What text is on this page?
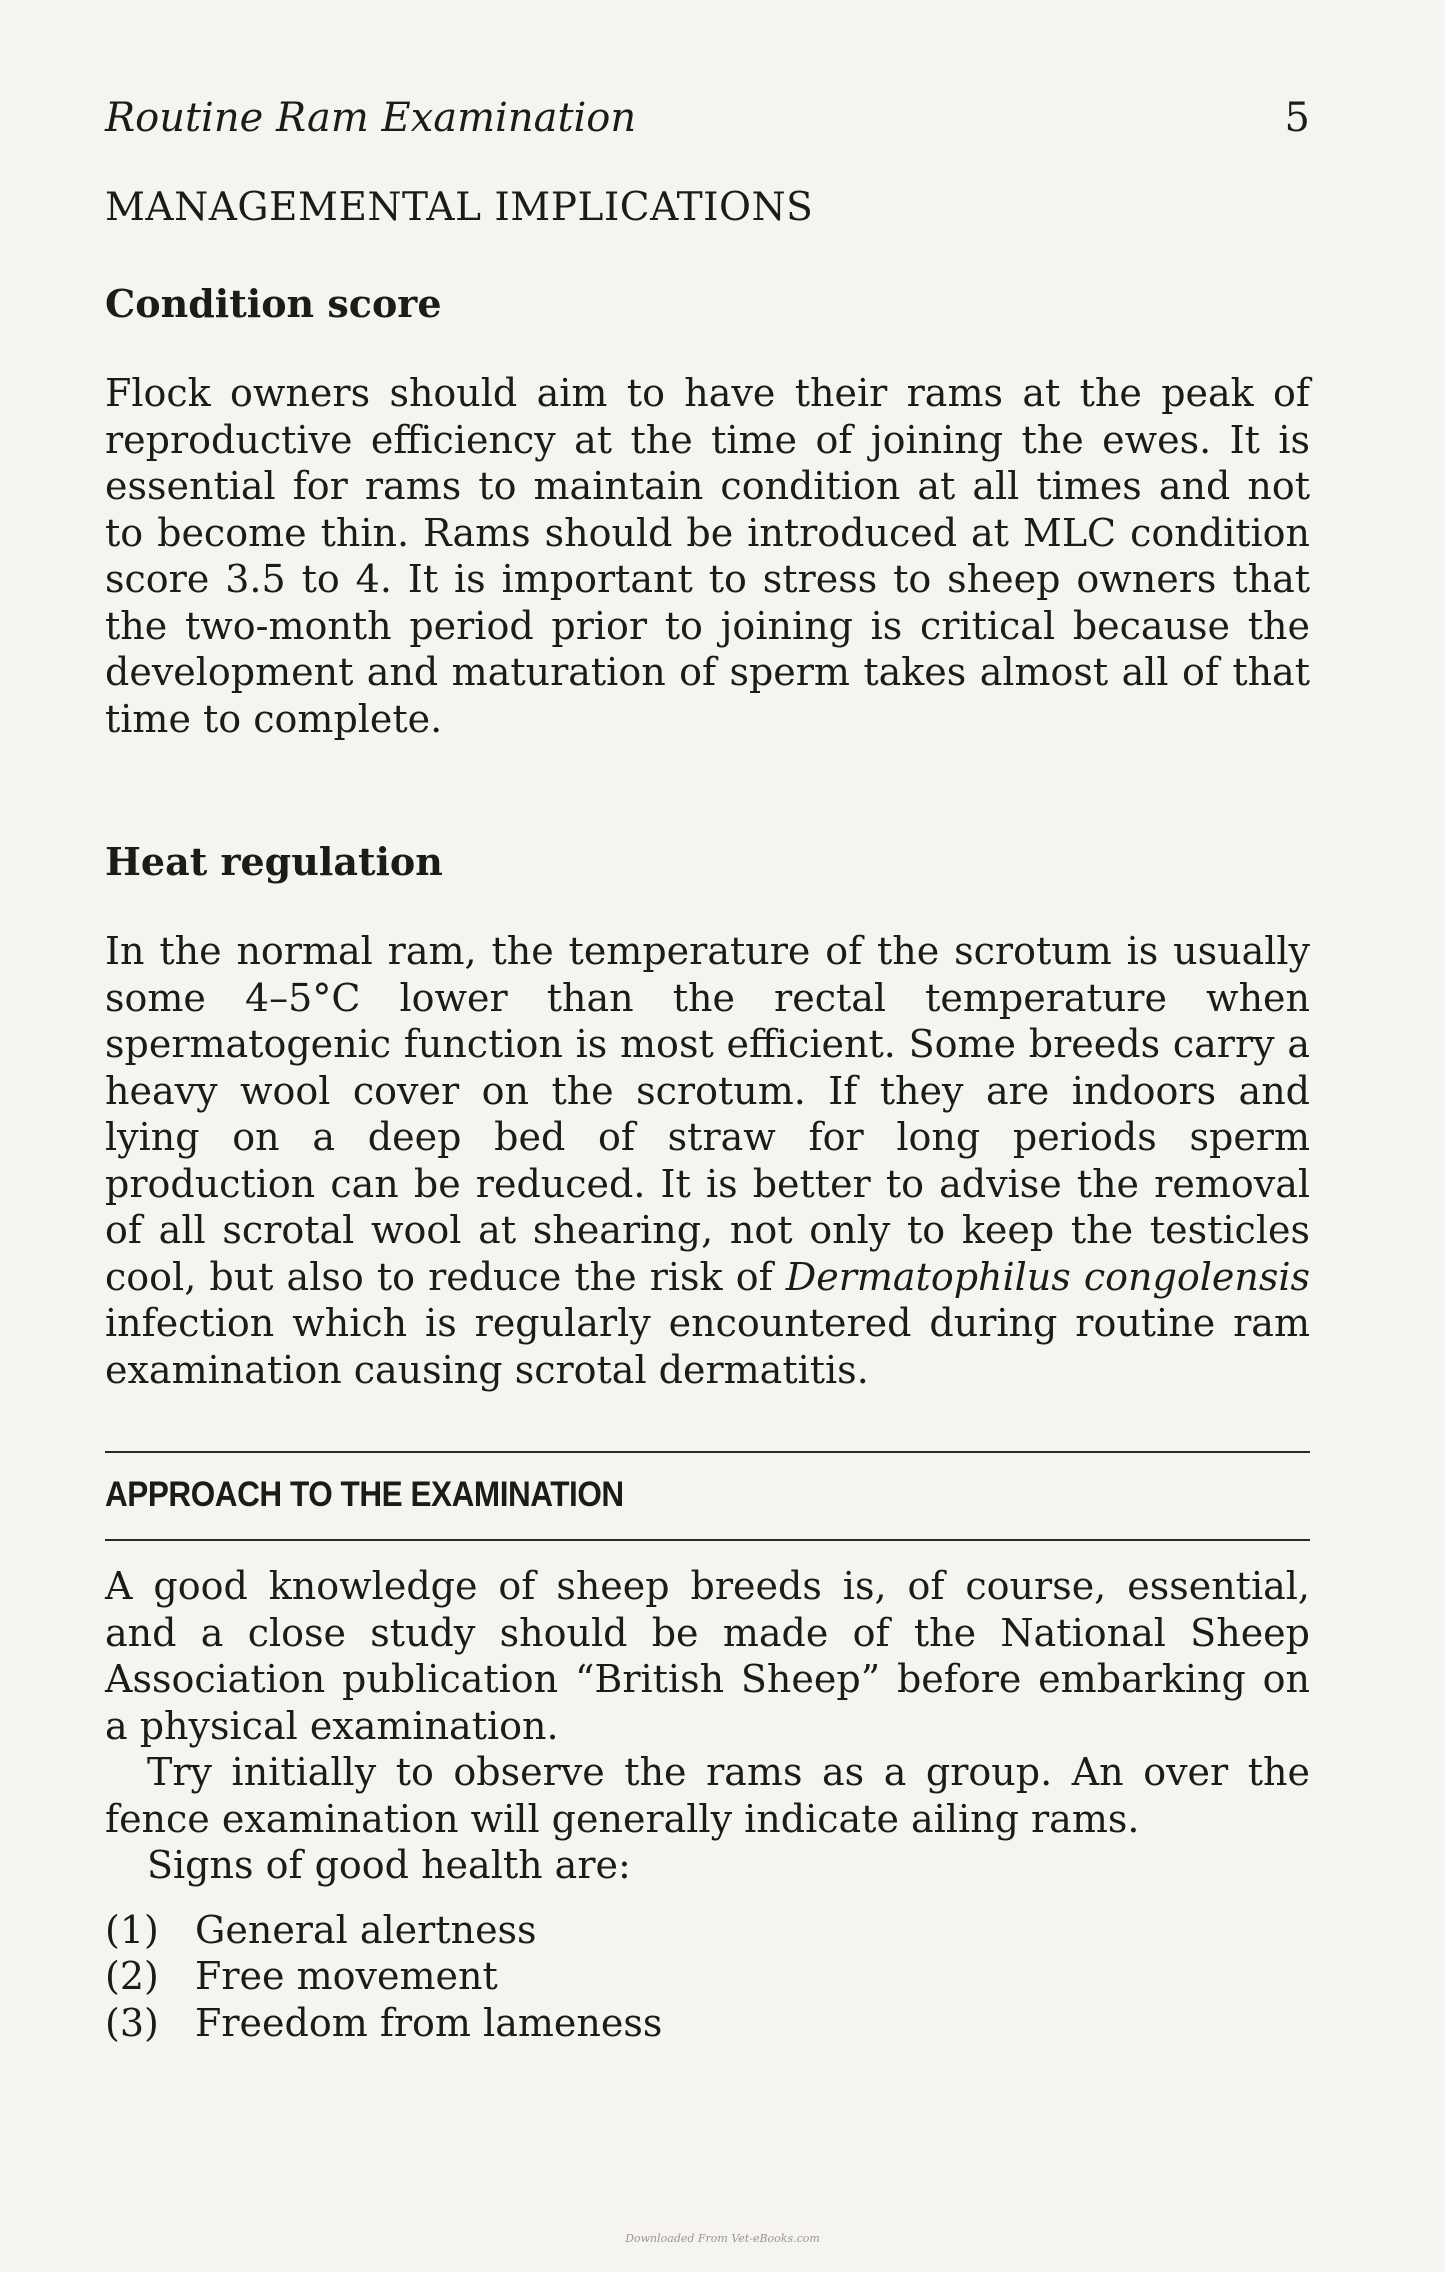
Routine Ram Examination	5
MANAGEMENTAL IMPLICATIONS
Condition score

Flock owners should aim to have their rams at the peak of reproductive efficiency at the time of joining the ewes. It is essential for rams to maintain condition at all times and not to become thin. Rams should be introduced at MLC condition score 3.5 to 4. It is important to stress to sheep owners that the two-month period prior to joining is critical because the development and maturation of sperm takes almost all of that time to complete.

Heat regulation

In the normal ram, the temperature of the scrotum is usually some 4–5°C lower than the rectal temperature when spermatogenic function is most efficient. Some breeds carry a heavy wool cover on the scrotum. If they are indoors and lying on a deep bed of straw for long periods sperm production can be reduced. It is better to advise the removal of all scrotal wool at shearing, not only to keep the testicles cool, but also to reduce the risk of Dermatophilus congolensis infection which is regularly encountered during routine ram examination causing scrotal dermatitis.

APPROACH TO THE EXAMINATION

A good knowledge of sheep breeds is, of course, essential, and a close study should be made of the National Sheep Association publication “British Sheep” before embarking on a physical examination.

Try initially to observe the rams as a group. An over the fence examination will generally indicate ailing rams.

Signs of good health are:

(1) General alertness
(2) Free movement
(3) Freedom from lameness
Downloaded From Vet-eBooks.com
